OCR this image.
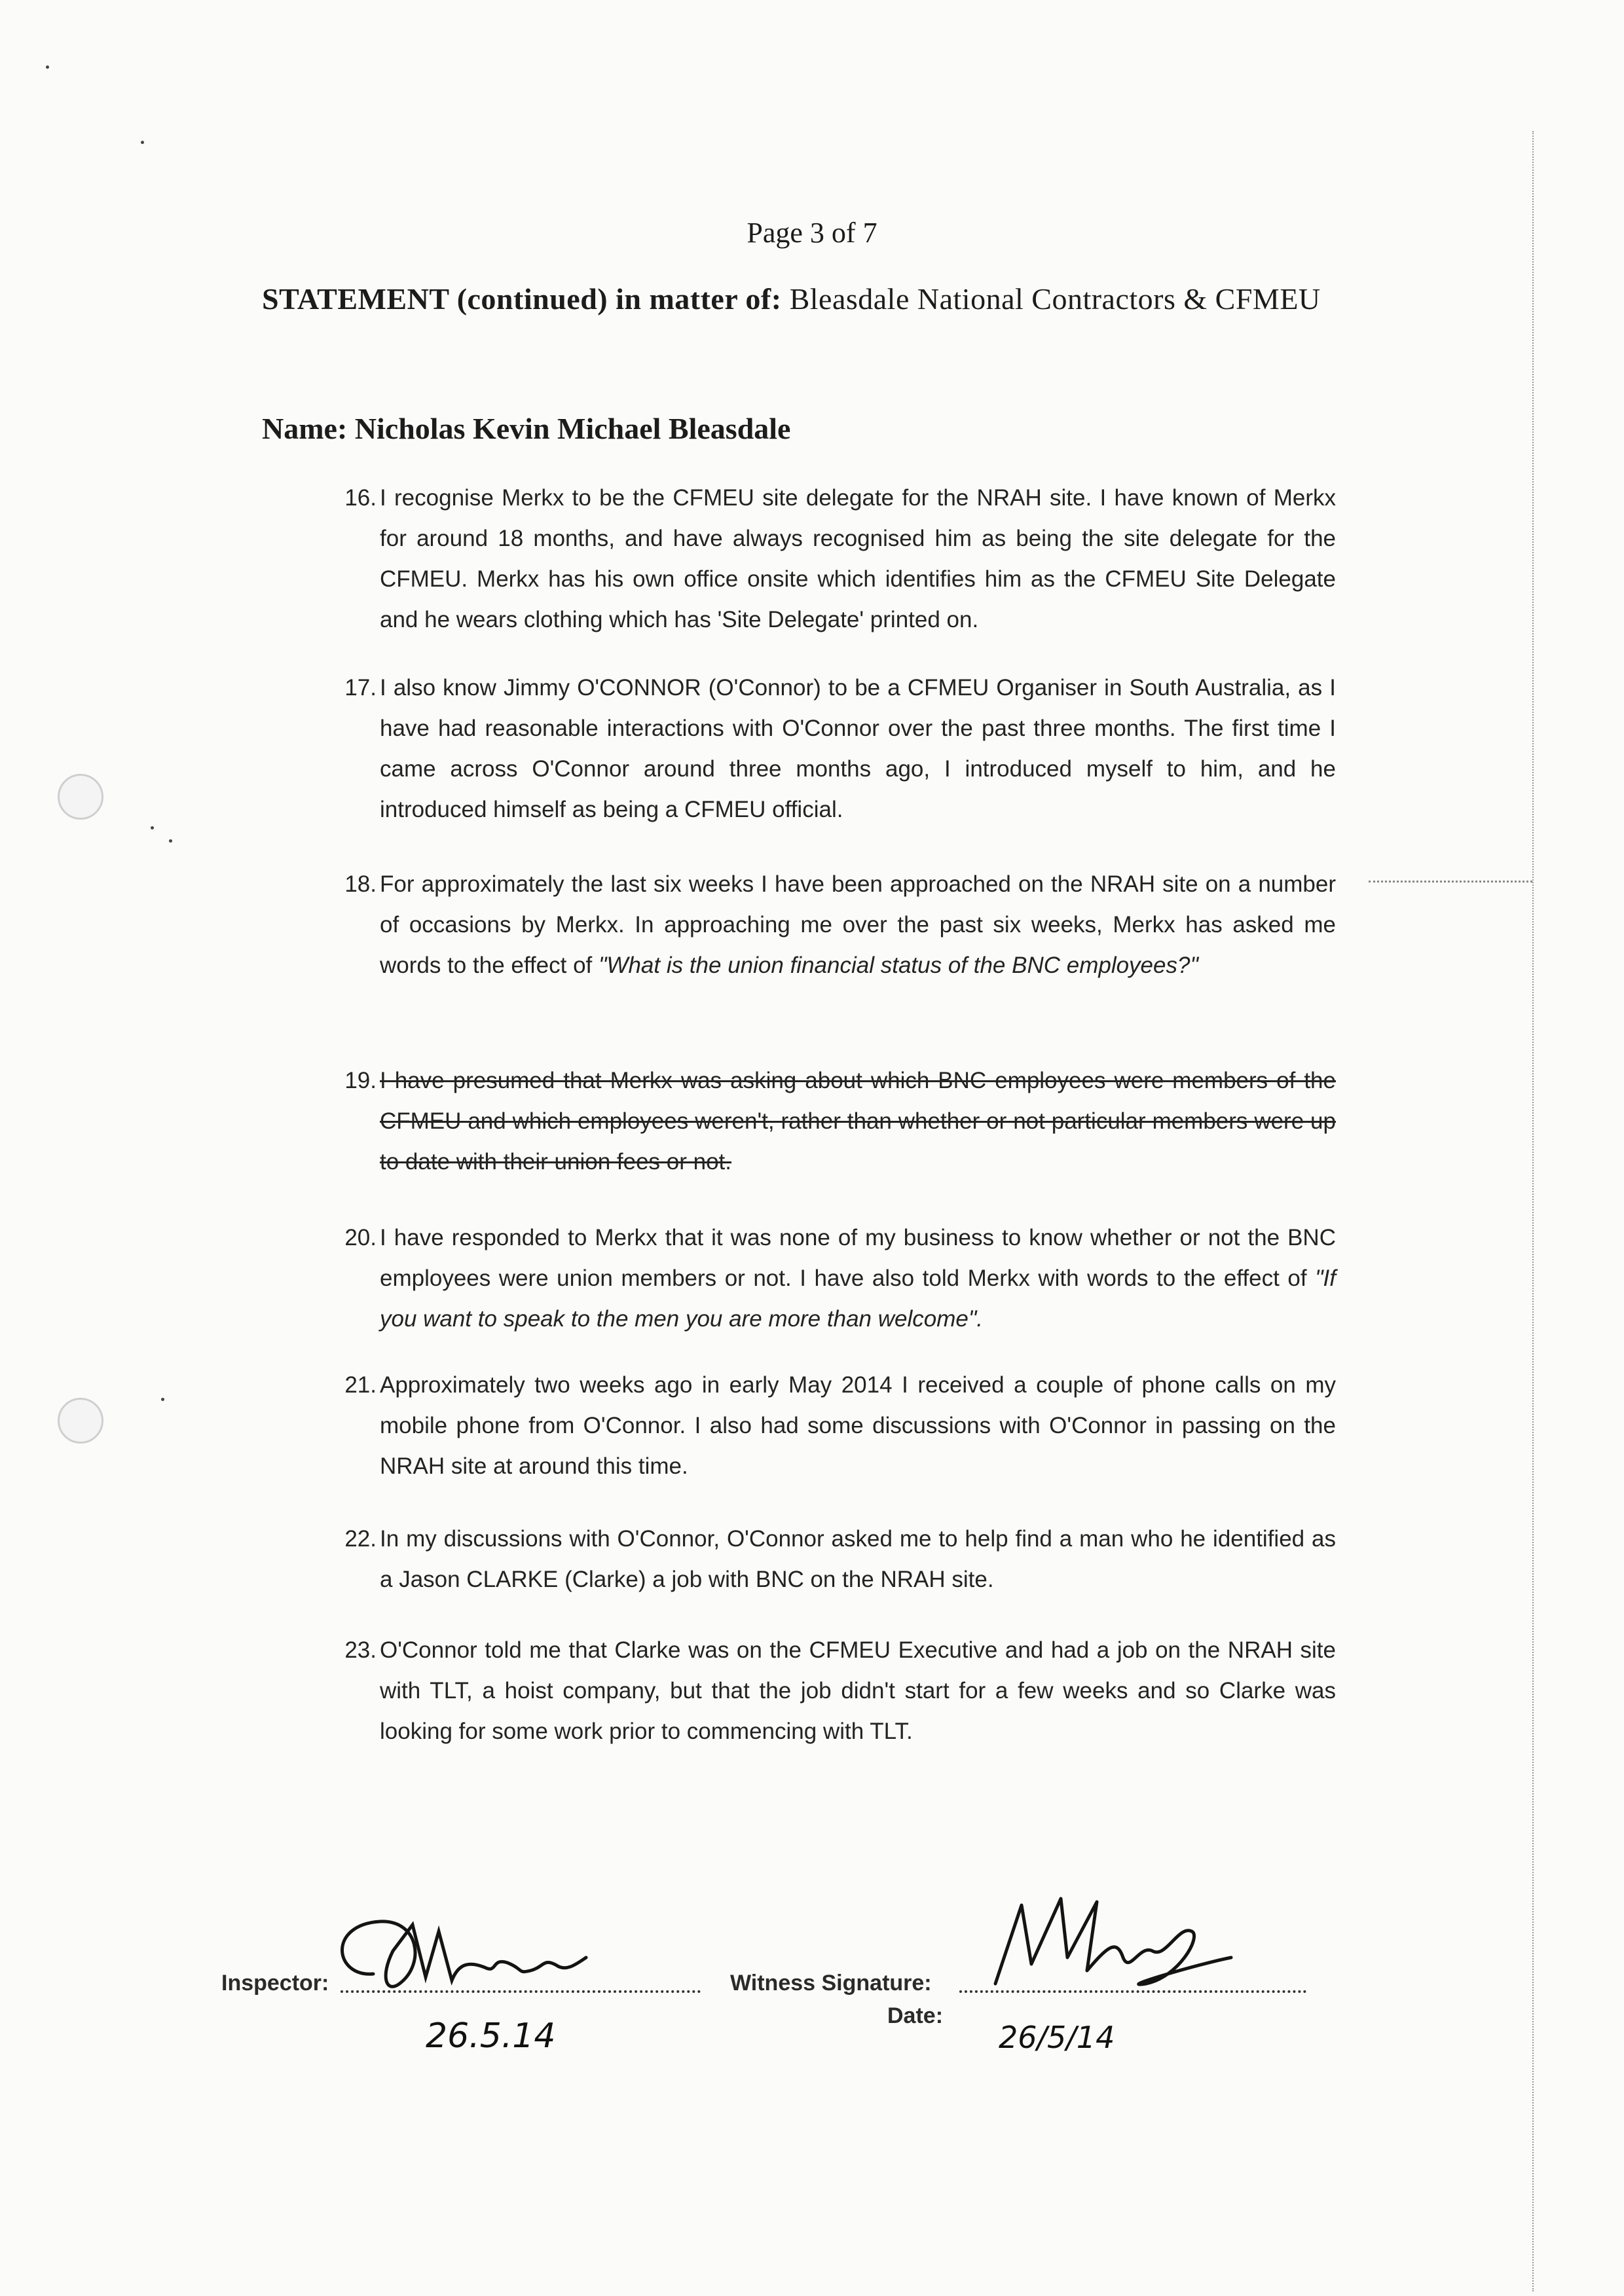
Page 3 of 7
STATEMENT (continued) in matter of: Bleasdale National Contractors & CFMEU
Name: Nicholas Kevin Michael Bleasdale
16. I recognise Merkx to be the CFMEU site delegate for the NRAH site. I have known of Merkx for around 18 months, and have always recognised him as being the site delegate for the CFMEU. Merkx has his own office onsite which identifies him as the CFMEU Site Delegate and he wears clothing which has 'Site Delegate' printed on.
17. I also know Jimmy O'CONNOR (O'Connor) to be a CFMEU Organiser in South Australia, as I have had reasonable interactions with O'Connor over the past three months. The first time I came across O'Connor around three months ago, I introduced myself to him, and he introduced himself as being a CFMEU official.
18. For approximately the last six weeks I have been approached on the NRAH site on a number of occasions by Merkx. In approaching me over the past six weeks, Merkx has asked me words to the effect of "What is the union financial status of the BNC employees?"
19. I have presumed that Merkx was asking about which BNC employees were members of the CFMEU and which employees weren't, rather than whether or not particular members were up to date with their union fees or not.
20. I have responded to Merkx that it was none of my business to know whether or not the BNC employees were union members or not. I have also told Merkx with words to the effect of "If you want to speak to the men you are more than welcome".
21. Approximately two weeks ago in early May 2014 I received a couple of phone calls on my mobile phone from O'Connor. I also had some discussions with O'Connor in passing on the NRAH site at around this time.
22. In my discussions with O'Connor, O'Connor asked me to help find a man who he identified as a Jason CLARKE (Clarke) a job with BNC on the NRAH site.
23. O'Connor told me that Clarke was on the CFMEU Executive and had a job on the NRAH site with TLT, a hoist company, but that the job didn't start for a few weeks and so Clarke was looking for some work prior to commencing with TLT.
Inspector:
26.5.14
Witness Signature:
Date:
26/5/14
